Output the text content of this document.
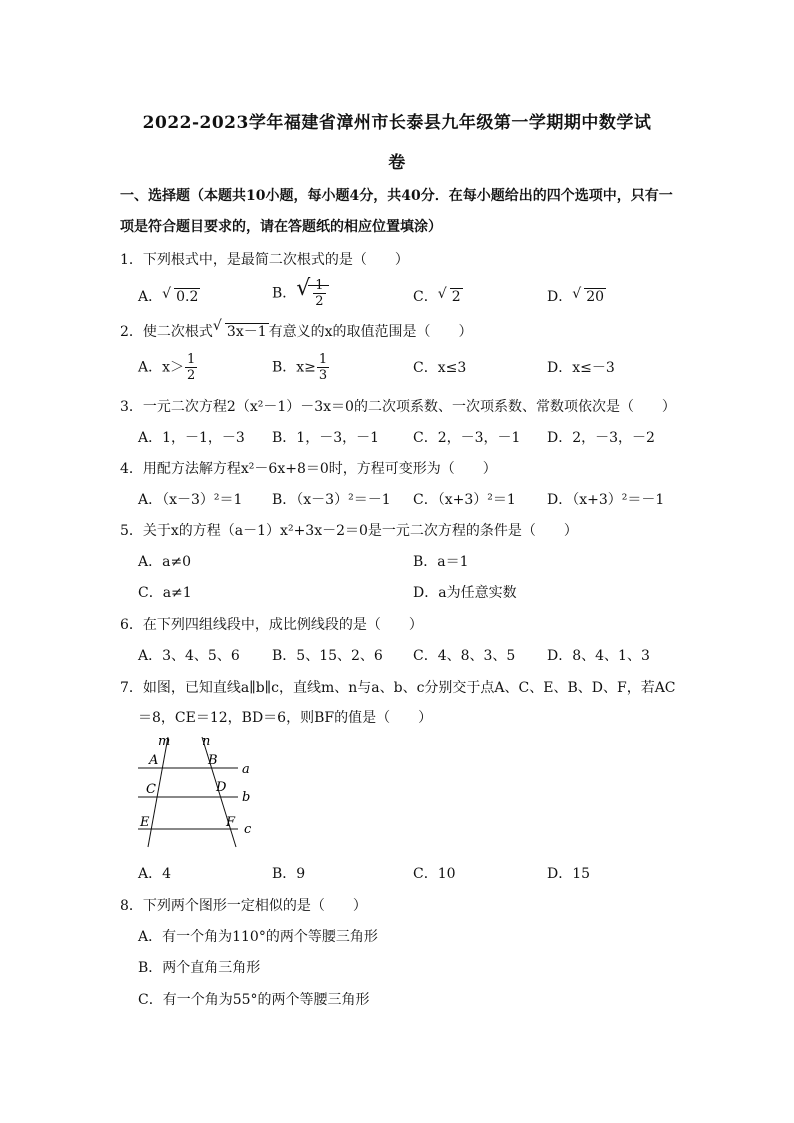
2022-2023学年福建省漳州市长泰县九年级第一学期期中数学试
卷
一、选择题（本题共10小题，每小题4分，共40分．在每小题给出的四个选项中，只有一项是符合题目要求的，请在答题纸的相应位置填涂）
1．下列根式中，是最简二次根式的是（　　）
A． √ 0.2	B． √ $\frac{1}{2}$	C． √ 2	D． √ 20
2．使二次根式 √ 3x－1 有意义的x的取值范围是（　　）
A．$x> \frac{1}{2}$	B．$x\ge \frac{1}{3}$	C．x≤3	D．x≤－3
3．一元二次方程2（x²－1）－3x＝0的二次项系数、一次项系数、常数项依次是（　　）
A．1，－1，－3 B．1，－3，－1 C．2，－3，－1 D．2，－3，－2
4．用配方法解方程x²－6x+8＝0时，方程可变形为（　　）
A．（x－3）²＝1 B．（x－3）²＝－1 C．（x+3）²＝1 D．（x+3）²＝－1
5．关于x的方程（a－1）x²+3x－2＝0是一元二次方程的条件是（　　）
A．a≠0	B．a＝1
C．a≠1	D．a为任意实数
6．在下列四组线段中，成比例线段的是（　　）
A．3、4、5、6 B．5、15、2、6 C．4、8、3、5 D．8、4、1、3
7．如图，已知直线a∥b∥c，直线m、n与a、b、c分别交于点A、C、E、B、D、F，若AC
＝8，CE＝12，BD＝6，则BF的值是（　　）
m n
A	B
C	D
E	F
a
b
c
A．4	B．9	C．10	D．15
8．下列两个图形一定相似的是（　　）
A．有一个角为110°的两个等腰三角形
B．两个直角三角形
C．有一个角为55°的两个等腰三角形
